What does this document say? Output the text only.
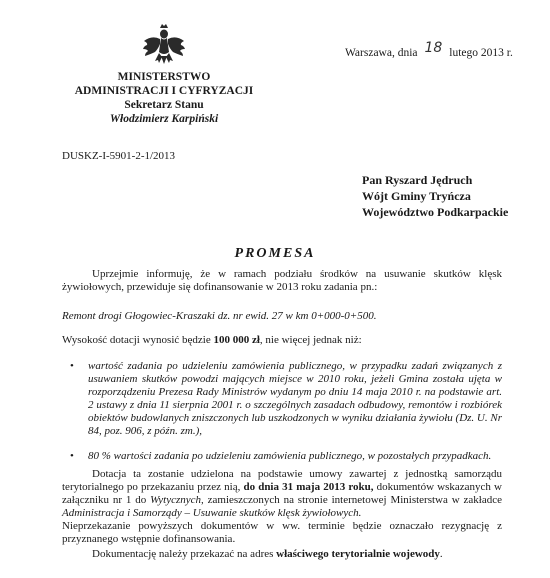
MINISTERSTWO
ADMINISTRACJI I CYFRYZACJI
Sekretarz Stanu
Włodzimierz Karpiński
Warszawa, dnia 18 lutego 2013 r.
DUSKZ-I-5901-2-1/2013
Pan Ryszard Jędruch
Wójt Gminy Tryńcza
Województwo Podkarpackie
PROMESA
Uprzejmie informuję, że w ramach podziału środków na usuwanie skutków klęsk żywiołowych, przewiduje się dofinansowanie w 2013 roku zadania pn.:
Remont drogi Głogowiec-Kraszaki dz. nr ewid. 27 w km 0+000-0+500.
Wysokość dotacji wynosić będzie 100 000 zł, nie więcej jednak niż:
• wartość zadania po udzieleniu zamówienia publicznego, w przypadku zadań związanych z usuwaniem skutków powodzi mających miejsce w 2010 roku, jeżeli Gmina została ujęta w rozporządzeniu Prezesa Rady Ministrów wydanym po dniu 14 maja 2010 r. na podstawie art. 2 ustawy z dnia 11 sierpnia 2001 r. o szczególnych zasadach odbudowy, remontów i rozbiórek obiektów budowlanych zniszczonych lub uszkodzonych w wyniku działania żywiołu (Dz. U. Nr 84, poz. 906, z późn. zm.),
• 80 % wartości zadania po udzieleniu zamówienia publicznego, w pozostałych przypadkach.
Dotacja ta zostanie udzielona na podstawie umowy zawartej z jednostką samorządu terytorialnego po przekazaniu przez nią, do dnia 31 maja 2013 roku, dokumentów wskazanych w załączniku nr 1 do Wytycznych, zamieszczonych na stronie internetowej Ministerstwa w zakładce Administracja i Samorządy – Usuwanie skutków klęsk żywiołowych.
Nieprzekazanie powyższych dokumentów w ww. terminie będzie oznaczało rezygnację z przyznanego wstępnie dofinansowania.
Dokumentację należy przekazać na adres właściwego terytorialnie wojewody.
